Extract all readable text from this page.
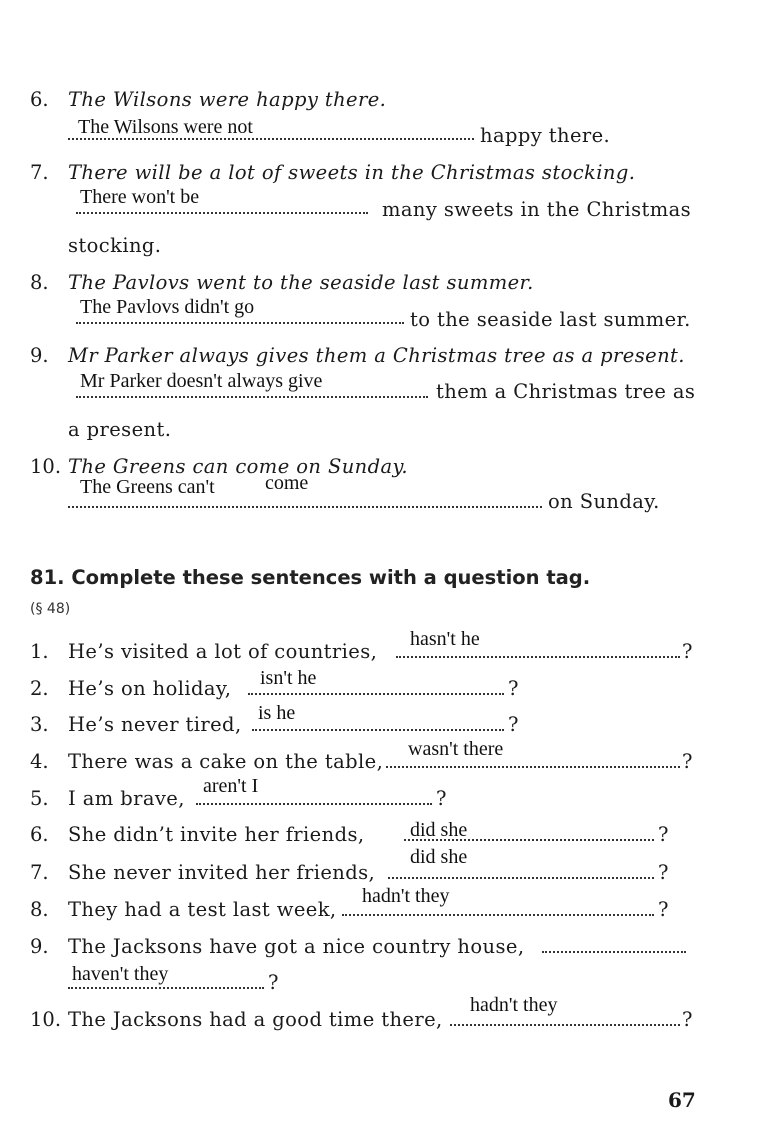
6. The Wilsons were happy there.
The Wilsons were not	happy there.
7. There will be a lot of sweets in the Christmas stocking.
There won't be
many sweets in the Christmas
stocking.
8. The Pavlovs went to the seaside last summer.
The Pavlovs didn't go
to the seaside last summer.
9. Mr Parker always gives them a Christmas tree as a present.
Mr Parker doesn't always give	them a Christmas tree as
a present.
10. The Greens can come on Sunday.
The Greens can't	come
on Sunday.
81. Complete these sentences with a question tag.
(§ 48)
1. He’s visited a lot of countries,
hasn't he
?
2. He’s on holiday, isn't he	?
3. He’s never tired, is he	?
4. There was a cake on the table,
wasn't there
?
5. I am brave,
aren't I
?
6. She didn’t invite her friends, did she	?
7. She never invited her friends,
did she
?
8. They had a test last week,
hadn't they
?
9. The Jacksons have got a nice country house,
haven't they	?
10. The Jacksons had a good time there,
hadn't they
?
67
